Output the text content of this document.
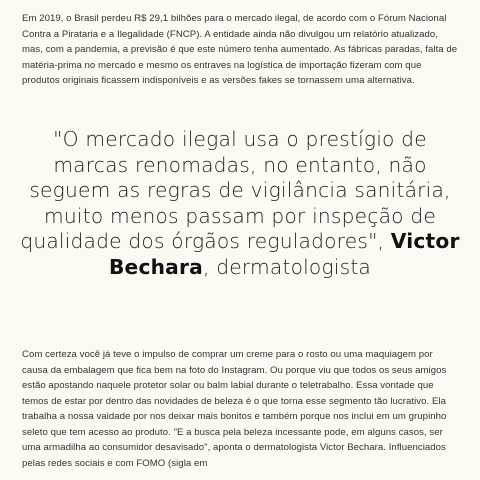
Em 2019, o Brasil perdeu R$ 29,1 bilhões para o mercado ilegal, de acordo com o Fórum Nacional Contra a Pirataria e a Ilegalidade (FNCP). A entidade ainda não divulgou um relatório atualizado, mas, com a pandemia, a previsão é que este número tenha aumentado. As fábricas paradas, falta de matéria-prima no mercado e mesmo os entraves na logística de importação fizeram com que produtos originais ficassem indisponíveis e as versões fakes se tornassem uma alternativa.

"O mercado ilegal usa o prestígio de marcas renomadas, no entanto, não seguem as regras de vigilância sanitária, muito menos passam por inspeção de qualidade dos órgãos reguladores", Victor Bechara, dermatologista

Com certeza você já teve o impulso de comprar um creme para o rosto ou uma maquiagem por causa da embalagem que fica bem na foto do Instagram. Ou porque viu que todos os seus amigos estão apostando naquele protetor solar ou balm labial durante o teletrabalho. Essa vontade que temos de estar por dentro das novidades de beleza é o que torna esse segmento tão lucrativo. Ela trabalha a nossa vaidade por nos deixar mais bonitos e também porque nos inclui em um grupinho seleto que tem acesso ao produto. "E a busca pela beleza incessante pode, em alguns casos, ser uma armadilha ao consumidor desavisado", aponta o dermatologista Victor Bechara. Influenciados pelas redes sociais e com FOMO (sigla em
